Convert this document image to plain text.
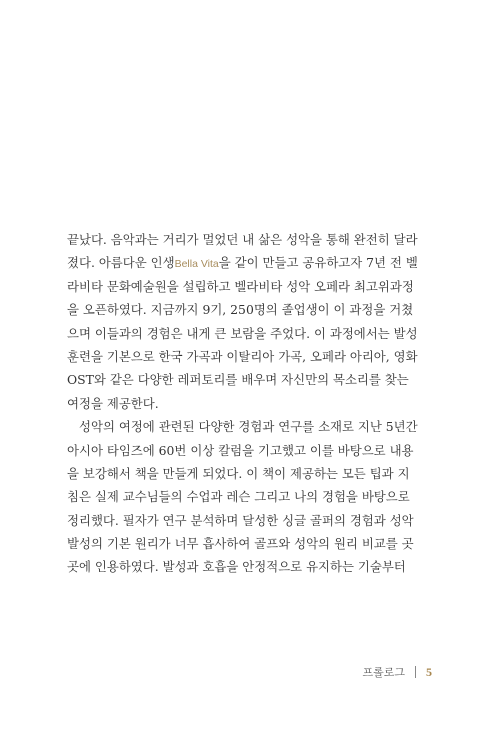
끝났다. 음악과는 거리가 멀었던 내 삶은 성악을 통해 완전히 달라
졌다. 아름다운 인생Bella Vita을 같이 만들고 공유하고자 7년 전 벨
라비타 문화예술원을 설립하고 벨라비타 성악 오페라 최고위과정
을 오픈하였다. 지금까지 9기, 250명의 졸업생이 이 과정을 거쳤
으며 이들과의 경험은 내게 큰 보람을 주었다. 이 과정에서는 발성
훈련을 기본으로 한국 가곡과 이탈리아 가곡, 오페라 아리아, 영화
OST와 같은 다양한 레퍼토리를 배우며 자신만의 목소리를 찾는
여정을 제공한다.
성악의 여정에 관련된 다양한 경험과 연구를 소재로 지난 5년간
아시아 타임즈에 60번 이상 칼럼을 기고했고 이를 바탕으로 내용
을 보강해서 책을 만들게 되었다. 이 책이 제공하는 모든 팁과 지
침은 실제 교수님들의 수업과 레슨 그리고 나의 경험을 바탕으로
정리했다. 필자가 연구 분석하며 달성한 싱글 골퍼의 경험과 성악
발성의 기본 원리가 너무 흡사하여 골프와 성악의 원리 비교를 곳
곳에 인용하였다. 발성과 호흡을 안정적으로 유지하는 기술부터
프롤로그 5
